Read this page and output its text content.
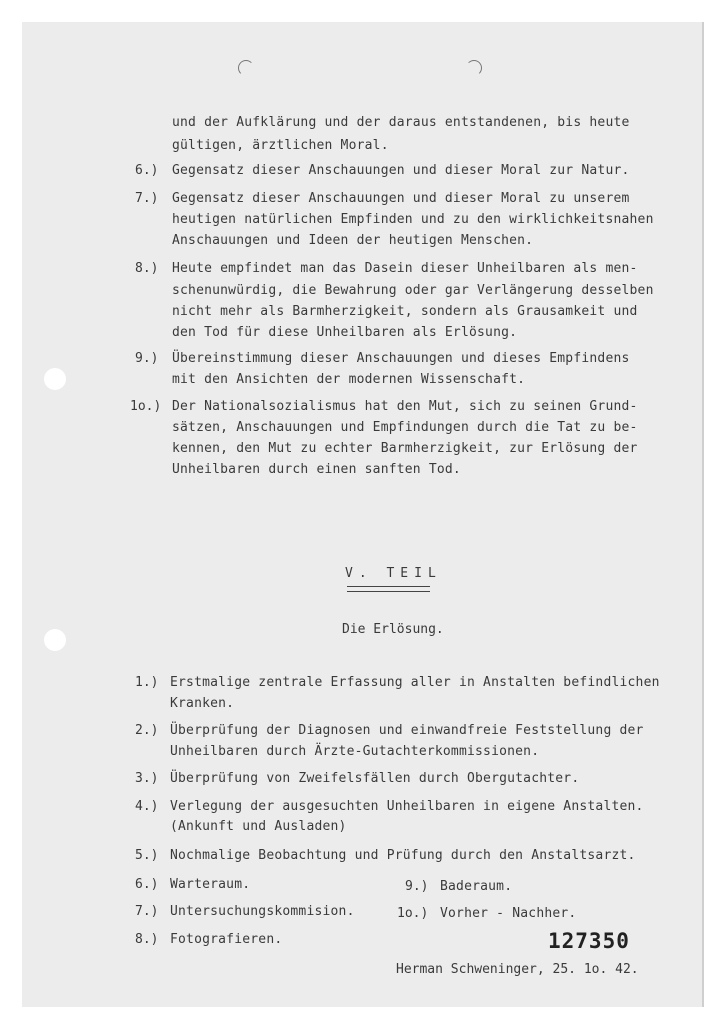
und der Aufklärung und der daraus entstandenen, bis heute
gültigen, ärztlichen Moral.
6.) Gegensatz dieser Anschauungen und dieser Moral zur Natur.
7.) Gegensatz dieser Anschauungen und dieser Moral zu unserem
heutigen natürlichen Empfinden und zu den wirklichkeitsnahen
Anschauungen und Ideen der heutigen Menschen.
8.) Heute empfindet man das Dasein dieser Unheilbaren als men-
schenunwürdig, die Bewahrung oder gar Verlängerung desselben
nicht mehr als Barmherzigkeit, sondern als Grausamkeit und
den Tod für diese Unheilbaren als Erlösung.
9.) Übereinstimmung dieser Anschauungen und dieses Empfindens
mit den Ansichten der modernen Wissenschaft.
1o.) Der Nationalsozialismus hat den Mut, sich zu seinen Grund-
sätzen, Anschauungen und Empfindungen durch die Tat zu be-
kennen, den Mut zu echter Barmherzigkeit, zur Erlösung der
Unheilbaren durch einen sanften Tod.
V. TEIL
Die Erlösung.
1.) Erstmalige zentrale Erfassung aller in Anstalten befindlichen
Kranken.
2.) Überprüfung der Diagnosen und einwandfreie Feststellung der
Unheilbaren durch Ärzte-Gutachterkommissionen.
3.) Überprüfung von Zweifelsfällen durch Obergutachter.
4.) Verlegung der ausgesuchten Unheilbaren in eigene Anstalten.
(Ankunft und Ausladen)
5.) Nochmalige Beobachtung und Prüfung durch den Anstaltsarzt.
6.) Warteraum.
7.) Untersuchungskommision.
8.) Fotografieren.
9.) Baderaum.
1o.) Vorher - Nachher.
127350
Herman Schweninger, 25. 1o. 42.
